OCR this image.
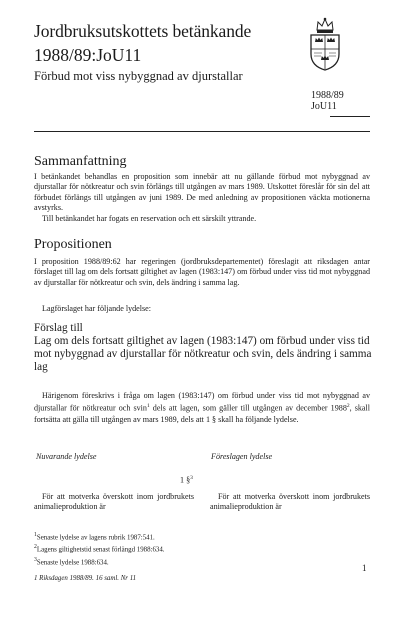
Jordbruksutskottets betänkande
1988/89:JoU11
Förbud mot viss nybyggnad av djurstallar
1988/89
JoU11
Sammanfattning
I betänkandet behandlas en proposition som innebär att nu gällande förbud mot nybyggnad av djurstallar för nötkreatur och svin förlängs till utgången av mars 1989. Utskottet föreslår för sin del att förbudet förlängs till utgången av juni 1989. De med anledning av propositionen väckta motionerna avstyrks.
Till betänkandet har fogats en reservation och ett särskilt yttrande.
Propositionen
I proposition 1988/89:62 har regeringen (jordbruksdepartementet) föreslagit att riksdagen antar förslaget till lag om dels fortsatt giltighet av lagen (1983:147) om förbud under viss tid mot nybyggnad av djurstallar för nötkreatur och svin, dels ändring i samma lag.
Lagförslaget har följande lydelse:
Förslag till
Lag om dels fortsatt giltighet av lagen (1983:147) om förbud under viss tid mot nybyggnad av djurstallar för nötkreatur och svin, dels ändring i samma lag
Härigenom föreskrivs i fråga om lagen (1983:147) om förbud under viss tid mot nybyggnad av djurstallar för nötkreatur och svin$^1$ dels att lagen, som gäller till utgången av december 1988$^2$, skall fortsätta att gälla till utgången av mars 1989, dels att 1 § skall ha följande lydelse.
Nuvarande lydelse	Föreslagen lydelse
1 §$^3$
För att motverka överskott inom jordbrukets animalieproduktion är
För att motverka överskott inom jordbrukets animalieproduktion är
$^1$Senaste lydelse av lagens rubrik 1987:541.
$^2$Lagens giltighetstid senast förlängd 1988:634.
$^3$Senaste lydelse 1988:634.
1
1 Riksdagen 1988/89. 16 saml. Nr 11
